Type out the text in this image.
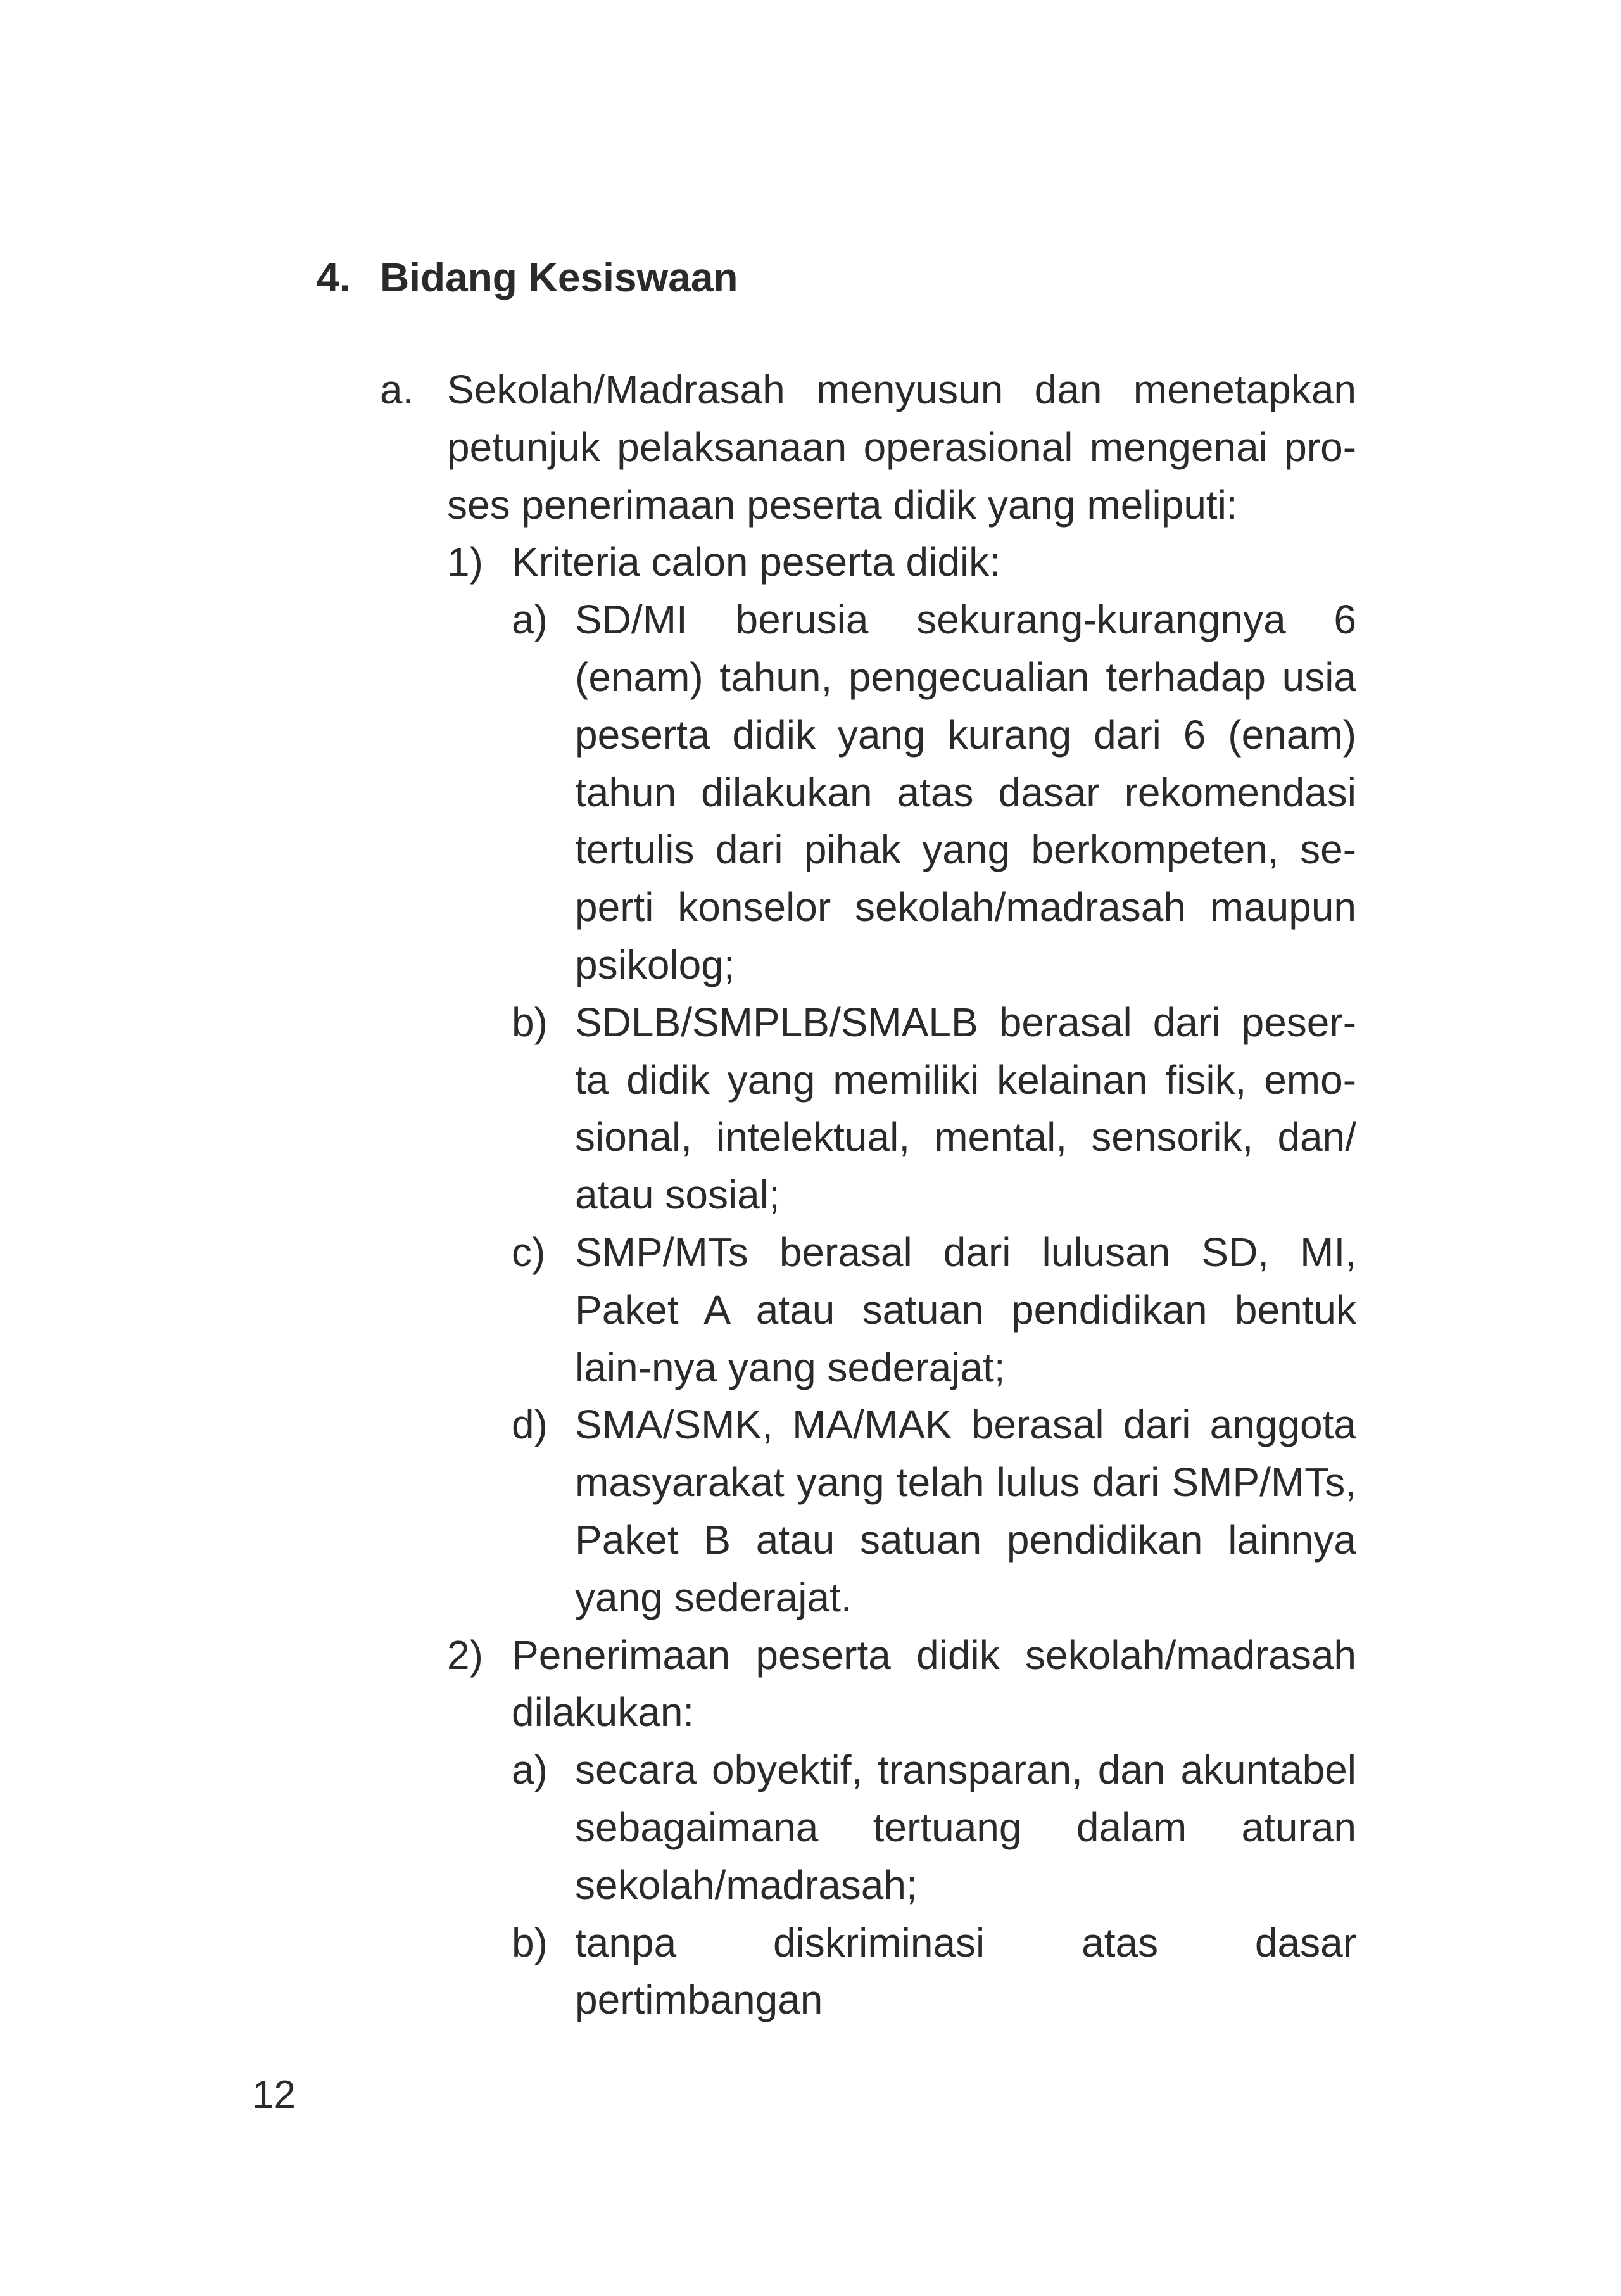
4. Bidang Kesiswaan
a. Sekolah/Madrasah menyusun dan menetapkan petunjuk pelaksanaan operasional mengenai pro-ses penerimaan peserta didik yang meliputi:
1) Kriteria calon peserta didik:
a) SD/MI berusia sekurang-kurangnya 6 (enam) tahun, pengecualian terhadap usia peserta didik yang kurang dari 6 (enam) tahun dilakukan atas dasar rekomendasi tertulis dari pihak yang berkompeten, se-perti konselor sekolah/madrasah maupun psikolog;
b) SDLB/SMPLB/SMALB berasal dari peser-ta didik yang memiliki kelainan fisik, emo-sional, intelektual, mental, sensorik, dan/ atau sosial;
c) SMP/MTs berasal dari lulusan SD, MI, Paket A atau satuan pendidikan bentuk lain-nya yang sederajat;
d) SMA/SMK, MA/MAK berasal dari anggota masyarakat yang telah lulus dari SMP/MTs, Paket B atau satuan pendidikan lainnya yang sederajat.
2) Penerimaan peserta didik sekolah/madrasah dilakukan:
a) secara obyektif, transparan, dan akuntabel sebagaimana tertuang dalam aturan sekolah/madrasah;
b) tanpa diskriminasi atas dasar pertimbangan
12
